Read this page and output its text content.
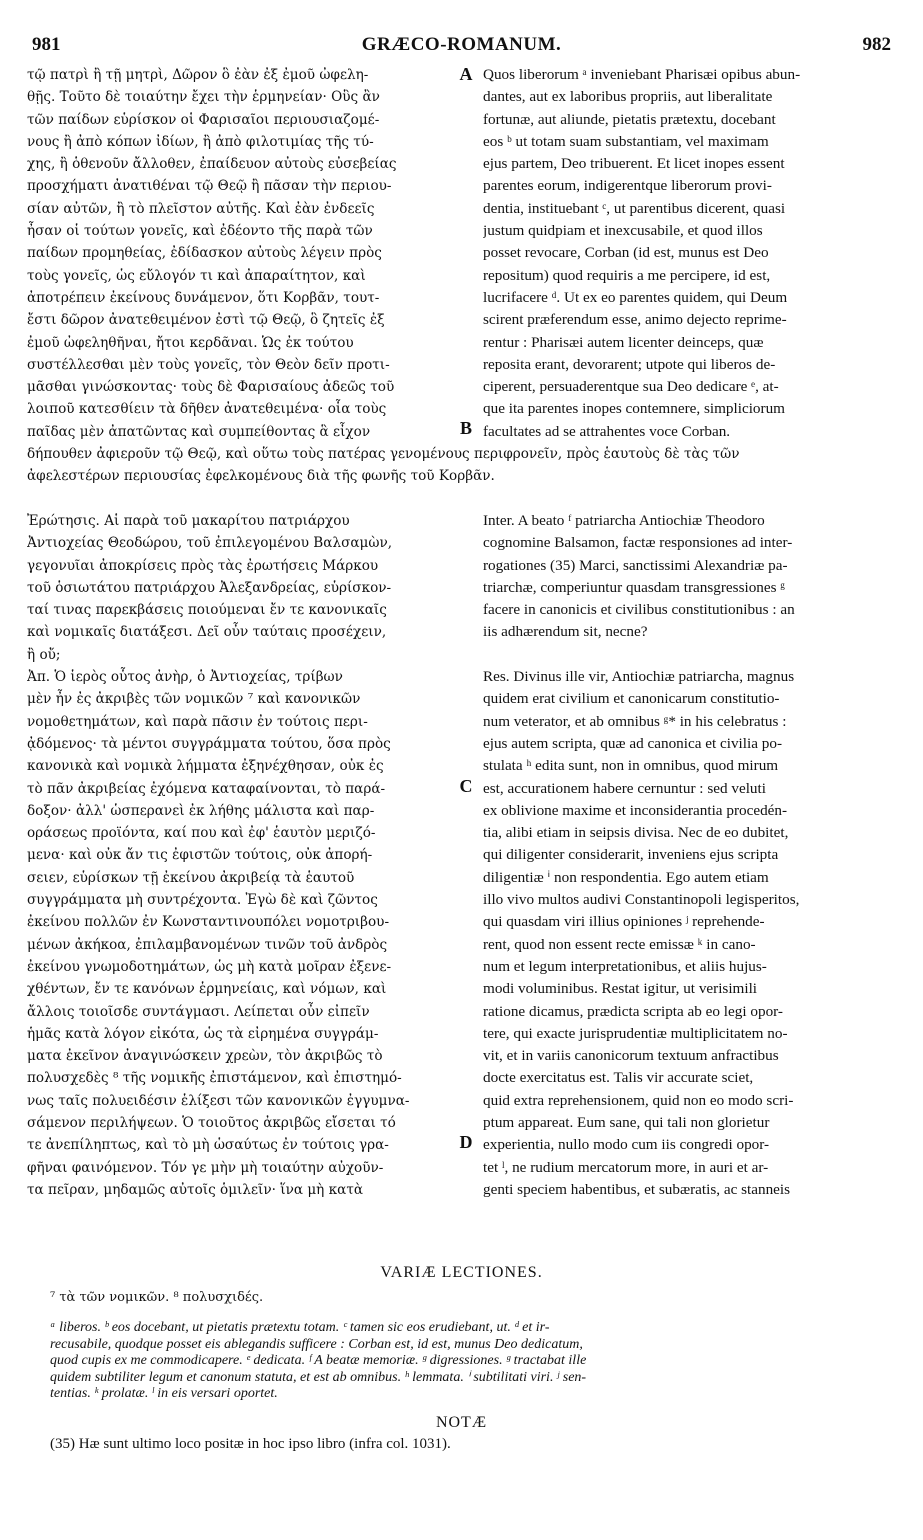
981	GRÆCO-ROMANUM.	982
τῷ πατρὶ ἢ τῇ μητρὶ, Δῶρον ὃ ἐὰν ἐξ ἐμοῦ ὠφελη-
θῇς. Τοῦτο δὲ τοιαύτην ἔχει τὴν ἑρμηνείαν· Οὓς ἂν
τῶν παίδων εὑρίσκον οἱ Φαρισαῖοι περιουσιαζομέ-
νους ἢ ἀπὸ κόπων ἰδίων, ἢ ἀπὸ φιλοτιμίας τῆς τύ-
χης, ἢ ὁθενοῦν ἄλλοθεν, ἐπαίδευον αὐτοὺς εὐσεβείας
προσχήματι ἀνατιθέναι τῷ Θεῷ ἢ πᾶσαν τὴν περιου-
σίαν αὐτῶν, ἢ τὸ πλεῖστον αὐτῆς. Καὶ ἐὰν ἐνδεεῖς
ἦσαν οἱ τούτων γονεῖς, καὶ ἐδέοντο τῆς παρὰ τῶν
παίδων προμηθείας, ἐδίδασκον αὐτοὺς λέγειν πρὸς
τοὺς γονεῖς, ὡς εὔλογόν τι καὶ ἀπαραίτητον, καὶ
ἀποτρέπειν ἐκείνους δυνάμενον, ὅτι Κορβᾶν, τουτ-
ἔστι δῶρον ἀνατεθειμένον ἐστὶ τῷ Θεῷ, ὃ ζητεῖς ἐξ
ἐμοῦ ὠφεληθῆναι, ἤτοι κερδᾶναι. Ὡς ἐκ τούτου
συστέλλεσθαι μὲν τοὺς γονεῖς, τὸν Θεὸν δεῖν προτι-
μᾶσθαι γινώσκοντας· τοὺς δὲ Φαρισαίους ἀδεῶς τοῦ
λοιποῦ κατεσθίειν τὰ δῆθεν ἀνατεθειμένα· οἷα τοὺς
παῖδας μὲν ἀπατῶντας καὶ συμπείθοντας ἃ εἶχον
Quos liberorum ᵃ inveniebant Pharisæi opibus abun-
dantes, aut ex laboribus propriis, aut liberalitate
fortunæ, aut aliunde, pietatis prætextu, docebant
eos ᵇ ut totam suam substantiam, vel maximam
ejus partem, Deo tribuerent. Et licet inopes essent
parentes eorum, indigerentque liberorum provi-
dentia, instituebant ᶜ, ut parentibus dicerent, quasi
justum quidpiam et inexcusabile, et quod illos
posset revocare, Corban (id est, munus est Deo
repositum) quod requiris a me percipere, id est,
lucrifacere ᵈ. Ut ex eo parentes quidem, qui Deum
scirent præferendum esse, animo dejecto reprime-
rentur : Pharisæi autem licenter deinceps, quæ
reposita erant, devorarent; utpote qui liberos de-
ciperent, persuaderentque sua Deo dedicare ᵉ, at-
que ita parentes inopes contemnere, simpliciorum
facultates ad se attrahentes voce Corban.
δήπουθεν ἀφιεροῦν τῷ Θεῷ, καὶ οὕτω τοὺς πατέρας γενομένους περιφρονεῖν, πρὸς ἑαυτοὺς δὲ τὰς τῶν
ἀφελεστέρων περιουσίας ἐφελκομένους διὰ τῆς φωνῆς τοῦ Κορβᾶν.
Ἐρώτησις. Αἱ παρὰ τοῦ μακαρίτου πατριάρχου
Ἀντιοχείας Θεοδώρου, τοῦ ἐπιλεγομένου Βαλσαμὼν,
γεγονυῖαι ἀποκρίσεις πρὸς τὰς ἐρωτήσεις Μάρκου
τοῦ ὁσιωτάτου πατριάρχου Ἀλεξανδρείας, εὑρίσκον-
ταί τινας παρεκβάσεις ποιούμεναι ἔν τε κανονικαῖς
καὶ νομικαῖς διατάξεσι. Δεῖ οὖν ταύταις προσέχειν,
ἢ οὔ;
Ἀπ. Ὁ ἱερὸς οὗτος ἀνὴρ, ὁ Ἀντιοχείας, τρίβων
μὲν ἦν ἐς ἀκριβὲς τῶν νομικῶν ⁷ καὶ κανονικῶν
νομοθετημάτων, καὶ παρὰ πᾶσιν ἐν τούτοις περι-
ᾀδόμενος· τὰ μέντοι συγγράμματα τούτου, ὅσα πρὸς
κανονικὰ καὶ νομικὰ λήμματα ἐξηνέχθησαν, οὐκ ἐς
τὸ πᾶν ἀκριβείας ἐχόμενα καταφαίνονται, τὸ παρά-
δοξον· ἀλλ' ὡσπερανεὶ ἐκ λήθης μάλιστα καὶ παρ-
οράσεως προϊόντα, καί που καὶ ἐφ' ἑαυτὸν μεριζό-
μενα· καὶ οὐκ ἄν τις ἐφιστῶν τούτοις, οὐκ ἀπορή-
σειεν, εὑρίσκων τῇ ἐκείνου ἀκριβείᾳ τὰ ἑαυτοῦ
συγγράμματα μὴ συντρέχοντα. Ἐγὼ δὲ καὶ ζῶντος
ἐκείνου πολλῶν ἐν Κωνσταντινουπόλει νομοτριβου-
μένων ἀκήκοα, ἐπιλαμβανομένων τινῶν τοῦ ἀνδρὸς
ἐκείνου γνωμοδοτημάτων, ὡς μὴ κατὰ μοῖραν ἐξενε-
χθέντων, ἔν τε κανόνων ἑρμηνείαις, καὶ νόμων, καὶ
ἄλλοις τοιοῖσδε συντάγμασι. Λείπεται οὖν εἰπεῖν
ἡμᾶς κατὰ λόγον εἰκότα, ὡς τὰ εἰρημένα συγγράμ-
ματα ἐκεῖνον ἀναγινώσκειν χρεὼν, τὸν ἀκριβῶς τὸ
πολυσχεδὲς ⁸ τῆς νομικῆς ἐπιστάμενον, καὶ ἐπιστημό-
νως ταῖς πολυειδέσιν ἑλίξεσι τῶν κανονικῶν ἐγγυμνα-
σάμενον περιλήψεων. Ὁ τοιοῦτος ἀκριβῶς εἴσεται τό
τε ἀνεπίληπτως, καὶ τὸ μὴ ὡσαύτως ἐν τούτοις γρα-
φῆναι φαινόμενον. Τόν γε μὴν μὴ τοιαύτην αὐχοῦν-
τα πεῖραν, μηδαμῶς αὐτοῖς ὁμιλεῖν· ἵνα μὴ κατὰ
Inter. A beato ᶠ patriarcha Antiochiæ Theodoro
cognomine Balsamon, factæ responsiones ad inter-
rogationes (35) Marci, sanctissimi Alexandriæ pa-
triarchæ, comperiuntur quasdam transgressiones ᵍ
facere in canonicis et civilibus constitutionibus : an
iis adhærendum sit, necne?
Res. Divinus ille vir, Antiochiæ patriarcha, magnus
quidem erat civilium et canonicarum constitutio-
num veterator, et ab omnibus ᵍ* in his celebratus :
ejus autem scripta, quæ ad canonica et civilia po-
stulata ʰ edita sunt, non in omnibus, quod mirum
est, accurationem habere cernuntur : sed veluti
ex oblivione maxime et inconsiderantia procedén-
tia, alibi etiam in seipsis divisa. Nec de eo dubitet,
qui diligenter considerarit, inveniens ejus scripta
diligentiæ ⁱ non respondentia. Ego autem etiam
illo vivo multos audivi Constantinopoli legisperitos,
qui quasdam viri illius opiniones ʲ reprehende-
rent, quod non essent recte emissæ ᵏ in cano-
num et legum interpretationibus, et aliis hujus-
modi voluminibus. Restat igitur, ut verisimili
ratione dicamus, prædicta scripta ab eo legi opor-
tere, qui exacte jurisprudentiæ multiplicitatem no-
vit, et in variis canonicorum textuum anfractibus
docte exercitatus est. Talis vir accurate sciet,
quid extra reprehensionem, quid non eo modo scri-
ptum appareat. Eum sane, qui tali non glorietur
experientia, nullo modo cum iis congredi opor-
tet ˡ, ne rudium mercatorum more, in auri et ar-
genti speciem habentibus, et subæratis, ac stanneis
A
B
C
D
VARIÆ LECTIONES.
⁷ τὰ τῶν νομικῶν. ⁸ πολυσχιδές.
ᵃ liberos. ᵇ eos docebant, ut pietatis prætextu totam. ᶜ tamen sic eos erudiebant, ut. ᵈ et ir-
recusabile, quodque posset eis ablegandis sufficere : Corban est, id est, munus Deo dedicatum,
quod cupis ex me commodicapere. ᵉ dedicata. ᶠ A beatæ memoriæ. ᵍ digressiones. ᵍ tractabat ille
quidem subtiliter legum et canonum statuta, et est ab omnibus. ʰ lemmata. ⁱ subtilitati viri. ʲ sen-
tentias. ᵏ prolatæ. ˡ in eis versari oportet.
NOTÆ
(35) Hæ sunt ultimo loco positæ in hoc ipso libro (infra col. 1031).
